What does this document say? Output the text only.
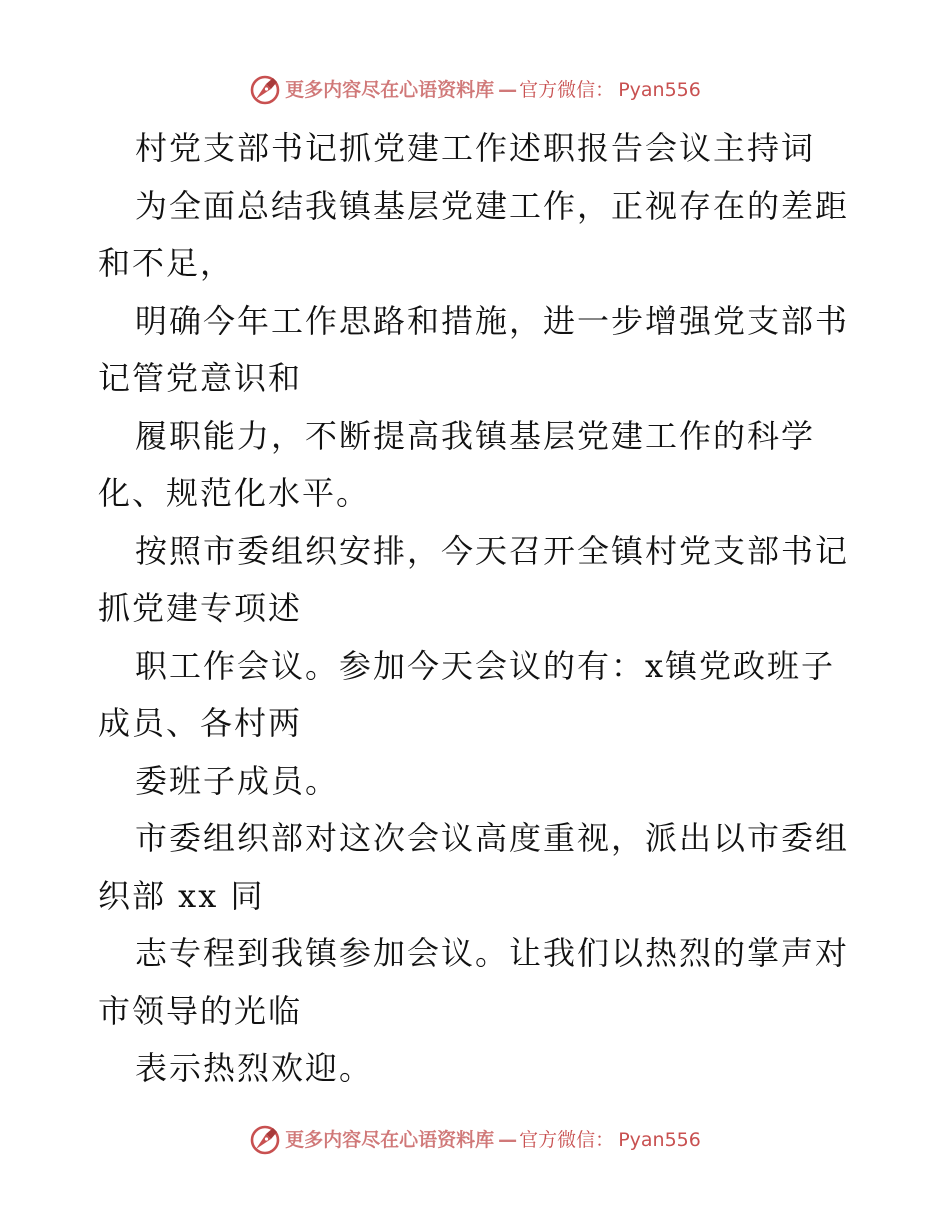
更多内容尽在心语资料库 — 官方微信： Pyan556
村党支部书记抓党建工作述职报告会议主持词
为全面总结我镇基层党建工作，正视存在的差距
和不足，
明确今年工作思路和措施，进一步增强党支部书
记管党意识和
履职能力，不断提高我镇基层党建工作的科学
化、规范化水平。
按照市委组织安排，今天召开全镇村党支部书记
抓党建专项述
职工作会议。参加今天会议的有：x镇党政班子
成员、各村两
委班子成员。
市委组织部对这次会议高度重视，派出以市委组
织部 xx 同
志专程到我镇参加会议。让我们以热烈的掌声对
市领导的光临
表示热烈欢迎。
更多内容尽在心语资料库 — 官方微信： Pyan556
